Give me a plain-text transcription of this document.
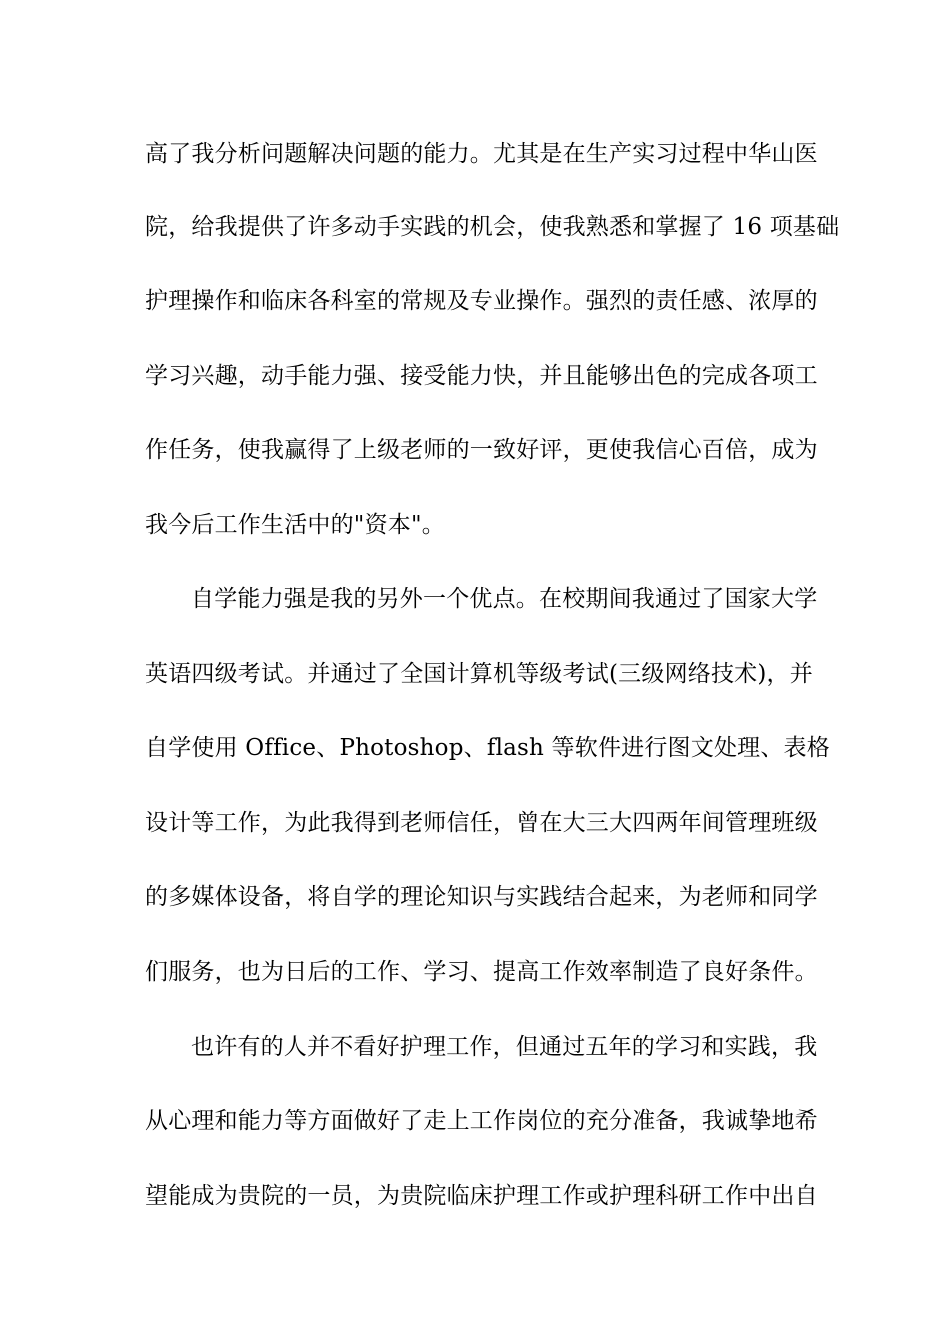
高了我分析问题解决问题的能力。尤其是在生产实习过程中华山医
院，给我提供了许多动手实践的机会，使我熟悉和掌握了 16 项基础
护理操作和临床各科室的常规及专业操作。强烈的责任感、浓厚的
学习兴趣，动手能力强、接受能力快，并且能够出色的完成各项工
作任务，使我赢得了上级老师的一致好评，更使我信心百倍，成为
我今后工作生活中的"资本"。
自学能力强是我的另外一个优点。在校期间我通过了国家大学
英语四级考试。并通过了全国计算机等级考试(三级网络技术)，并
自学使用 Office、Photoshop、flash 等软件进行图文处理、表格
设计等工作，为此我得到老师信任，曾在大三大四两年间管理班级
的多媒体设备，将自学的理论知识与实践结合起来，为老师和同学
们服务，也为日后的工作、学习、提高工作效率制造了良好条件。
也许有的人并不看好护理工作，但通过五年的学习和实践，我
从心理和能力等方面做好了走上工作岗位的充分准备，我诚挚地希
望能成为贵院的一员，为贵院临床护理工作或护理科研工作中出自
